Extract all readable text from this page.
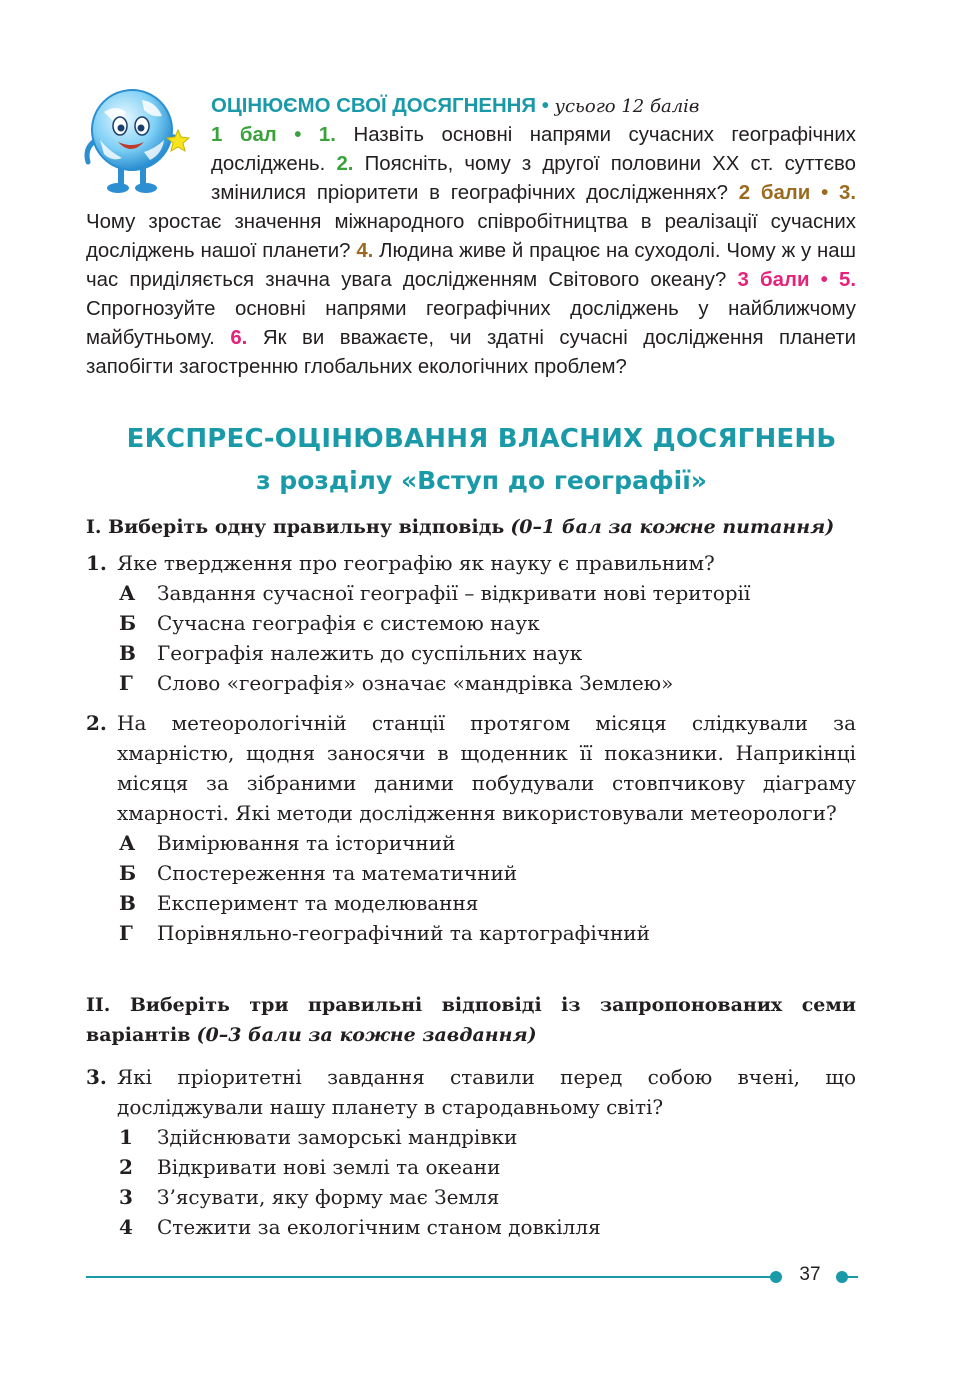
ОЦІНЮЄМО СВОЇ ДОСЯГНЕННЯ • усього 12 балів
1 бал • 1. Назвіть основні напрями сучасних географічних досліджень. 2. Поясніть, чому з другої половини ХХ ст. суттєво змінилися пріоритети в географічних дослідженнях? 2 бали • 3. Чому зростає значення міжнародного співробітництва в реалізації сучасних досліджень нашої планети? 4. Людина живе й працює на суходолі. Чому ж у наш час приділяється значна увага дослідженням Світового океану? 3 бали • 5. Спрогнозуйте основні напрями географічних досліджень у найближчому майбутньому. 6. Як ви вважаєте, чи здатні сучасні дослідження планети запобігти загостренню глобальних екологічних проблем?
ЕКСПРЕС-ОЦІНЮВАННЯ ВЛАСНИХ ДОСЯГНЕНЬ
з розділу «Вступ до географії»
І. Виберіть одну правильну відповідь (0–1 бал за кожне питання)
1. Яке твердження про географію як науку є правильним?
А	Завдання сучасної географії – відкривати нові території
Б	Сучасна географія є системою наук
В	Географія належить до суспільних наук
Г	Слово «географія» означає «мандрівка Землею»
2. На метеорологічній станції протягом місяця слідкували за хмарністю, щодня заносячи в щоденник її показники. Наприкінці місяця за зібраними даними побудували стовпчикову діаграму хмарності. Які методи дослідження використовували метеорологи?
А	Вимірювання та історичний
Б	Спостереження та математичний
В	Експеримент та моделювання
Г	Порівняльно-географічний та картографічний
ІІ. Виберіть три правильні відповіді із запропонованих семи варіантів (0–3 бали за кожне завдання)
3. Які пріоритетні завдання ставили перед собою вчені, що досліджували нашу планету в стародавньому світі?
1	Здійснювати заморські мандрівки
2	Відкривати нові землі та океани
3	З’ясувати, яку форму має Земля
4	Стежити за екологічним станом довкілля
37
